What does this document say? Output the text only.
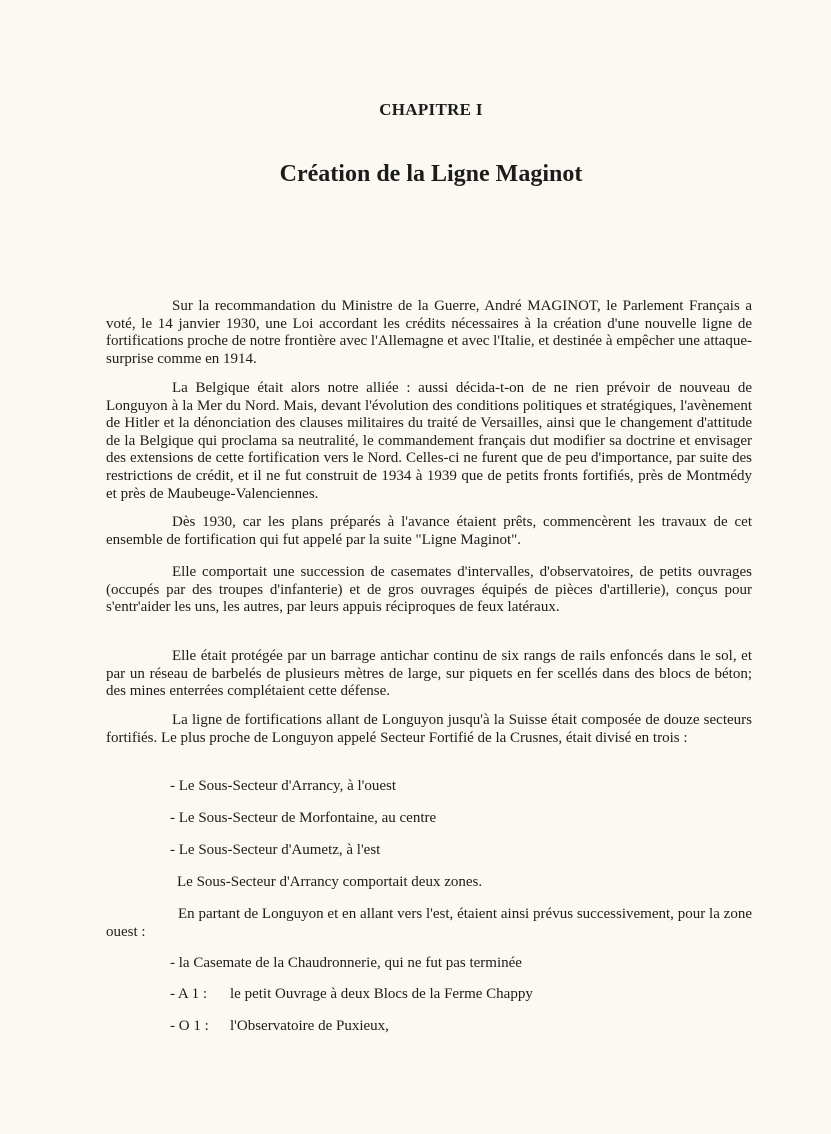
CHAPITRE I
Création de la Ligne Maginot

Sur la recommandation du Ministre de la Guerre, André MAGINOT, le Parlement Français a voté, le 14 janvier 1930, une Loi accordant les crédits nécessaires à la création d'une nouvelle ligne de fortifications proche de notre frontière avec l'Allemagne et avec l'Italie, et destinée à empêcher une attaque-surprise comme en 1914.

La Belgique était alors notre alliée : aussi décida-t-on de ne rien prévoir de nouveau de Longuyon à la Mer du Nord. Mais, devant l'évolution des conditions politiques et stratégiques, l'avènement de Hitler et la dénonciation des clauses militaires du traité de Versailles, ainsi que le changement d'attitude de la Belgique qui proclama sa neutralité, le commandement français dut modifier sa doctrine et envisager des extensions de cette fortification vers le Nord. Celles-ci ne furent que de peu d'importance, par suite des restrictions de crédit, et il ne fut construit de 1934 à 1939 que de petits fronts fortifiés, près de Montmédy et près de Maubeuge-Valenciennes.

Dès 1930, car les plans préparés à l'avance étaient prêts, commencèrent les travaux de cet ensemble de fortification qui fut appelé par la suite "Ligne Maginot".

Elle comportait une succession de casemates d'intervalles, d'observatoires, de petits ouvrages (occupés par des troupes d'infanterie) et de gros ouvrages équipés de pièces d'artillerie), conçus pour s'entr'aider les uns, les autres, par leurs appuis réciproques de feux latéraux.

Elle était protégée par un barrage antichar continu de six rangs de rails enfoncés dans le sol, et par un réseau de barbelés de plusieurs mètres de large, sur piquets en fer scellés dans des blocs de béton; des mines enterrées complétaient cette défense.

La ligne de fortifications allant de Longuyon jusqu'à la Suisse était composée de douze secteurs fortifiés. Le plus proche de Longuyon appelé Secteur Fortifié de la Crusnes, était divisé en trois :

- Le Sous-Secteur d'Arrancy, à l'ouest
- Le Sous-Secteur de Morfontaine, au centre
- Le Sous-Secteur d'Aumetz, à l'est
Le Sous-Secteur d'Arrancy comportait deux zones.

En partant de Longuyon et en allant vers l'est, étaient ainsi prévus successivement, pour la zone ouest :

- la Casemate de la Chaudronnerie, qui ne fut pas terminée
- A 1 : le petit Ouvrage à deux Blocs de la Ferme Chappy
- O 1 : l'Observatoire de Puxieux,
